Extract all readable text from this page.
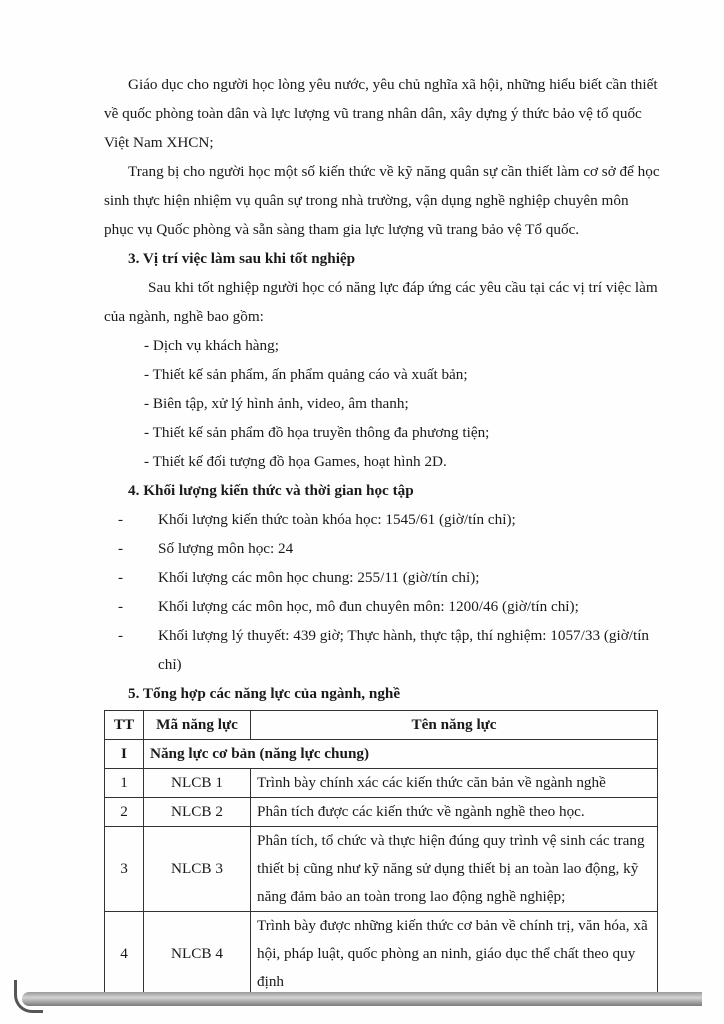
Giáo dục cho người học lòng yêu nước, yêu chủ nghĩa xã hội, những hiểu biết cần thiết về quốc phòng toàn dân và lực lượng vũ trang nhân dân, xây dựng ý thức bảo vệ tổ quốc Việt Nam XHCN;

Trang bị cho người học một số kiến thức về kỹ năng quân sự cần thiết làm cơ sở để học sinh thực hiện nhiệm vụ quân sự trong nhà trường, vận dụng nghề nghiệp chuyên môn phục vụ Quốc phòng và sẵn sàng tham gia lực lượng vũ trang bảo vệ Tổ quốc.

3. Vị trí việc làm sau khi tốt nghiệp

Sau khi tốt nghiệp người học có năng lực đáp ứng các yêu cầu tại các vị trí việc làm của ngành, nghề bao gồm:

- Dịch vụ khách hàng;

- Thiết kế sản phẩm, ấn phẩm quảng cáo và xuất bản;

- Biên tập, xử lý hình ảnh, video, âm thanh;

- Thiết kế sản phẩm đồ họa truyền thông đa phương tiện;

- Thiết kế đối tượng đồ họa Games, hoạt hình 2D.

4. Khối lượng kiến thức và thời gian học tập

-	Khối lượng kiến thức toàn khóa học: 1545/61 (giờ/tín chỉ);
-	Số lượng môn học: 24
-	Khối lượng các môn học chung: 255/11 (giờ/tín chỉ);
-	Khối lượng các môn học, mô đun chuyên môn: 1200/46 (giờ/tín chỉ);
-	Khối lượng lý thuyết: 439 giờ; Thực hành, thực tập, thí nghiệm: 1057/33 (giờ/tín chỉ)

5. Tổng hợp các năng lực của ngành, nghề

TT	Mã năng lực	Tên năng lực
I	Năng lực cơ bản (năng lực chung)	
1	NLCB 1	Trình bày chính xác các kiến thức căn bản về ngành nghề
2	NLCB 2	Phân tích được các kiến thức về ngành nghề theo học.
3	NLCB 3	Phân tích, tổ chức và thực hiện đúng quy trình vệ sinh các trang thiết bị cũng như kỹ năng sử dụng thiết bị an toàn lao động, kỹ năng đảm bảo an toàn trong lao động nghề nghiệp;
4	NLCB 4	Trình bày được những kiến thức cơ bản về chính trị, văn hóa, xã hội, pháp luật, quốc phòng an ninh, giáo dục thể chất theo quy định
